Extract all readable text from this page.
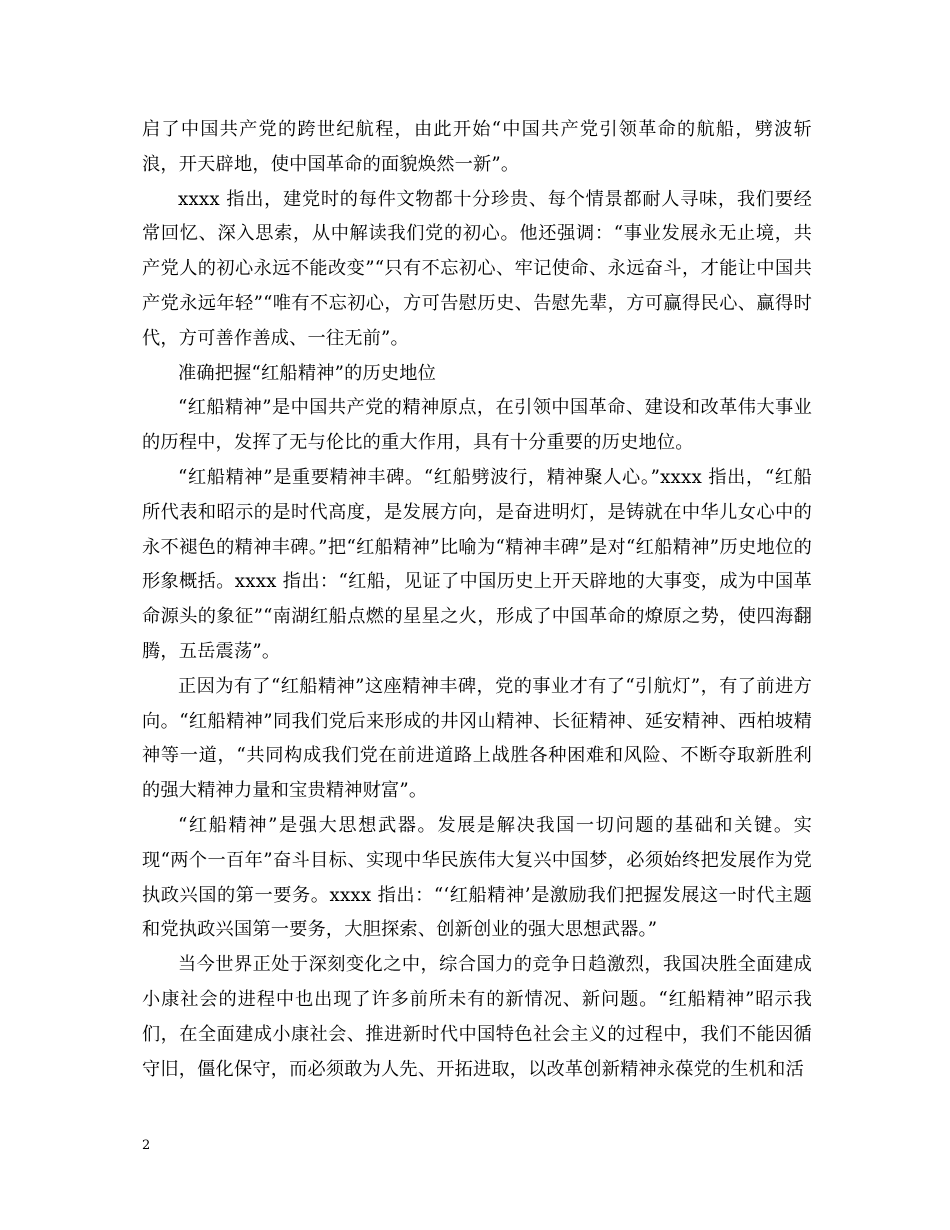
启了中国共产党的跨世纪航程，由此开始“中国共产党引领革命的航船，劈波斩浪，开天辟地，使中国革命的面貌焕然一新”。

xxxx 指出，建党时的每件文物都十分珍贵、每个情景都耐人寻味，我们要经常回忆、深入思索，从中解读我们党的初心。他还强调：“事业发展永无止境，共产党人的初心永远不能改变”“只有不忘初心、牢记使命、永远奋斗，才能让中国共产党永远年轻”“唯有不忘初心，方可告慰历史、告慰先辈，方可赢得民心、赢得时代，方可善作善成、一往无前”。

准确把握“红船精神”的历史地位

“红船精神”是中国共产党的精神原点，在引领中国革命、建设和改革伟大事业的历程中，发挥了无与伦比的重大作用，具有十分重要的历史地位。

“红船精神”是重要精神丰碑。“红船劈波行，精神聚人心。”xxxx 指出，“红船所代表和昭示的是时代高度，是发展方向，是奋进明灯，是铸就在中华儿女心中的永不褪色的精神丰碑。”把“红船精神”比喻为“精神丰碑”是对“红船精神”历史地位的形象概括。xxxx 指出：“红船，见证了中国历史上开天辟地的大事变，成为中国革命源头的象征”“南湖红船点燃的星星之火，形成了中国革命的燎原之势，使四海翻腾，五岳震荡”。

正因为有了“红船精神”这座精神丰碑，党的事业才有了“引航灯”，有了前进方向。“红船精神”同我们党后来形成的井冈山精神、长征精神、延安精神、西柏坡精神等一道，“共同构成我们党在前进道路上战胜各种困难和风险、不断夺取新胜利的强大精神力量和宝贵精神财富”。

“红船精神”是强大思想武器。发展是解决我国一切问题的基础和关键。实现“两个一百年”奋斗目标、实现中华民族伟大复兴中国梦，必须始终把发展作为党执政兴国的第一要务。xxxx 指出：“‘红船精神’是激励我们把握发展这一时代主题和党执政兴国第一要务，大胆探索、创新创业的强大思想武器。”

当今世界正处于深刻变化之中，综合国力的竞争日趋激烈，我国决胜全面建成小康社会的进程中也出现了许多前所未有的新情况、新问题。“红船精神”昭示我们，在全面建成小康社会、推进新时代中国特色社会主义的过程中，我们不能因循守旧，僵化保守，而必须敢为人先、开拓进取，以改革创新精神永葆党的生机和活

2
